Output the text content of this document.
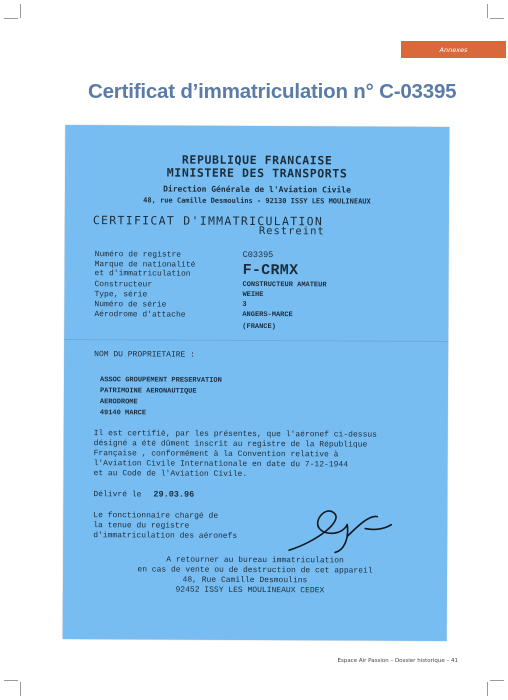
Annexes
Certificat d’immatriculation n° C-03395
REPUBLIQUE FRANCAISE
MINISTERE DES TRANSPORTS
Direction Générale de l'Aviation Civile
48, rue Camille Desmoulins - 92130 ISSY LES MOULINEAUX
CERTIFICAT D'IMMATRICULATION
Restreint
Numéro de registre	C03395
Marque de nationalité
et d'immatriculation	F-CRMX
Constructeur	CONSTRUCTEUR AMATEUR
Type, série	WEIHE
Numéro de série	3
Aérodrome d'attache	ANGERS-MARCE
(FRANCE)
NOM DU PROPRIETAIRE :
ASSOC GROUPEMENT PRESERVATION
PATRIMOINE AERONAUTIQUE
AERODROME
49140 MARCE
Il est certifié, par les présentes, que l'aéronef ci-dessus
désigné a été dûment inscrit au registre de la République
Française , conformément à la Convention relative à
l'Aviation Civile Internationale en date du 7-12-1944
et au Code de l'Aviation Civile.
Délivré le 29.03.96
Le fonctionnaire chargé de
la tenue du registre
d'immatriculation des aéronefs
A retourner au bureau immatriculation
en cas de vente ou de destruction de cet appareil
48, Rue Camille Desmoulins
92452 ISSY LES MOULINEAUX CEDEX
Espace Air Passion – Dossier historique – 41
